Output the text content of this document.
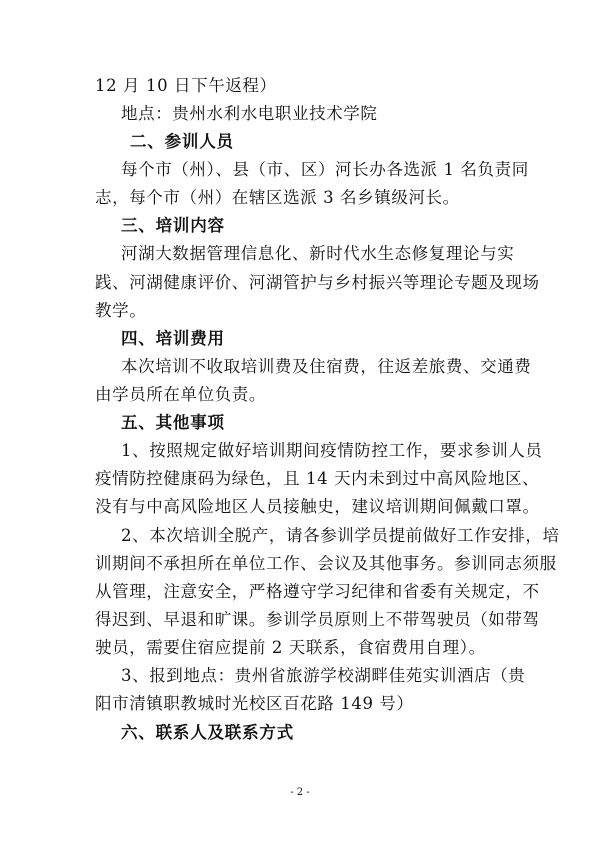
12 月 10 日下午返程）
地点：贵州水利水电职业技术学院
二、参训人员
每个市（州）、县（市、区）河长办各选派 1 名负责同
志，每个市（州）在辖区选派 3 名乡镇级河长。
三、培训内容
河湖大数据管理信息化、新时代水生态修复理论与实
践、河湖健康评价、河湖管护与乡村振兴等理论专题及现场
教学。
四、培训费用
本次培训不收取培训费及住宿费，往返差旅费、交通费
由学员所在单位负责。
五、其他事项
1、按照规定做好培训期间疫情防控工作，要求参训人员
疫情防控健康码为绿色，且 14 天内未到过中高风险地区、
没有与中高风险地区人员接触史，建议培训期间佩戴口罩。
2、本次培训全脱产，请各参训学员提前做好工作安排，培
训期间不承担所在单位工作、会议及其他事务。参训同志须服
从管理，注意安全，严格遵守学习纪律和省委有关规定，不
得迟到、早退和旷课。参训学员原则上不带驾驶员（如带驾
驶员，需要住宿应提前 2 天联系，食宿费用自理）。
3、报到地点：贵州省旅游学校湖畔佳苑实训酒店（贵
阳市清镇职教城时光校区百花路 149 号）
六、联系人及联系方式
- 2 -
